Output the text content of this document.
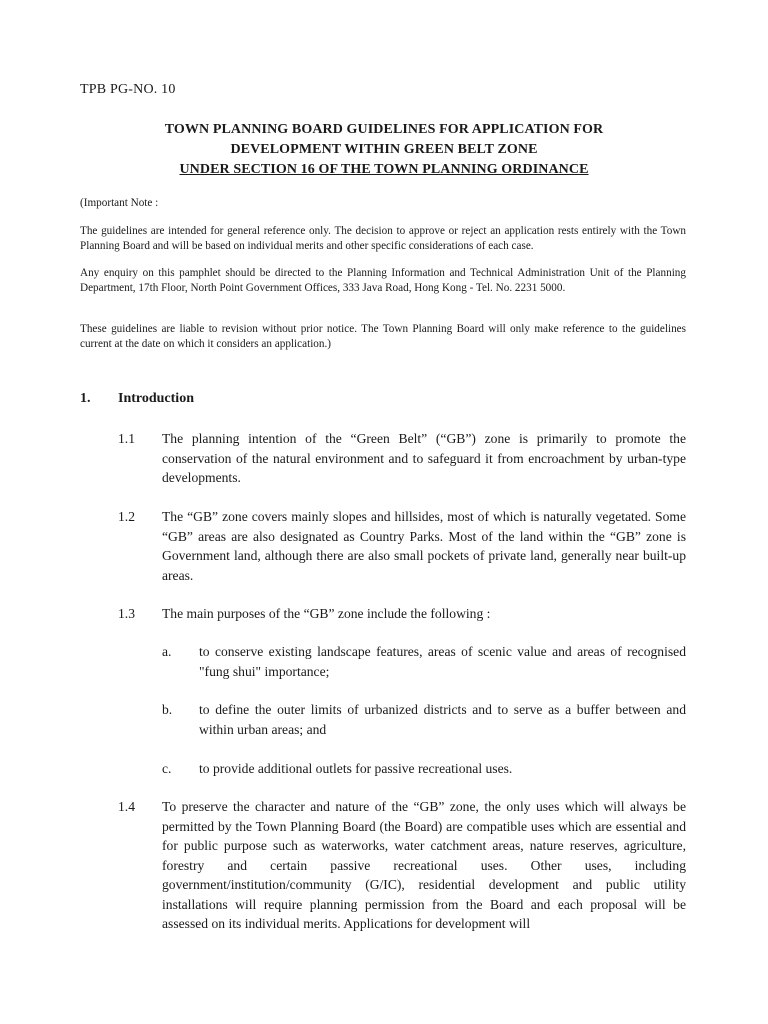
TPB PG-NO. 10
TOWN PLANNING BOARD GUIDELINES FOR APPLICATION FOR
DEVELOPMENT WITHIN GREEN BELT ZONE
UNDER SECTION 16 OF THE TOWN PLANNING ORDINANCE
(Important Note :
The guidelines are intended for general reference only. The decision to approve or reject an application rests entirely with the Town Planning Board and will be based on individual merits and other specific considerations of each case.
Any enquiry on this pamphlet should be directed to the Planning Information and Technical Administration Unit of the Planning Department, 17th Floor, North Point Government Offices, 333 Java Road, Hong Kong - Tel. No. 2231 5000.
These guidelines are liable to revision without prior notice. The Town Planning Board will only make reference to the guidelines current at the date on which it considers an application.)
1. Introduction
1.1 The planning intention of the “Green Belt” (“GB”) zone is primarily to promote the conservation of the natural environment and to safeguard it from encroachment by urban-type developments.
1.2 The “GB” zone covers mainly slopes and hillsides, most of which is naturally vegetated. Some “GB” areas are also designated as Country Parks. Most of the land within the “GB” zone is Government land, although there are also small pockets of private land, generally near built-up areas.
1.3 The main purposes of the “GB” zone include the following :
a. to conserve existing landscape features, areas of scenic value and areas of recognised "fung shui" importance;
b. to define the outer limits of urbanized districts and to serve as a buffer between and within urban areas; and
c. to provide additional outlets for passive recreational uses.
1.4 To preserve the character and nature of the “GB” zone, the only uses which will always be permitted by the Town Planning Board (the Board) are compatible uses which are essential and for public purpose such as waterworks, water catchment areas, nature reserves, agriculture, forestry and certain passive recreational uses. Other uses, including government/institution/community (G/IC), residential development and public utility installations will require planning permission from the Board and each proposal will be assessed on its individual merits. Applications for development will
